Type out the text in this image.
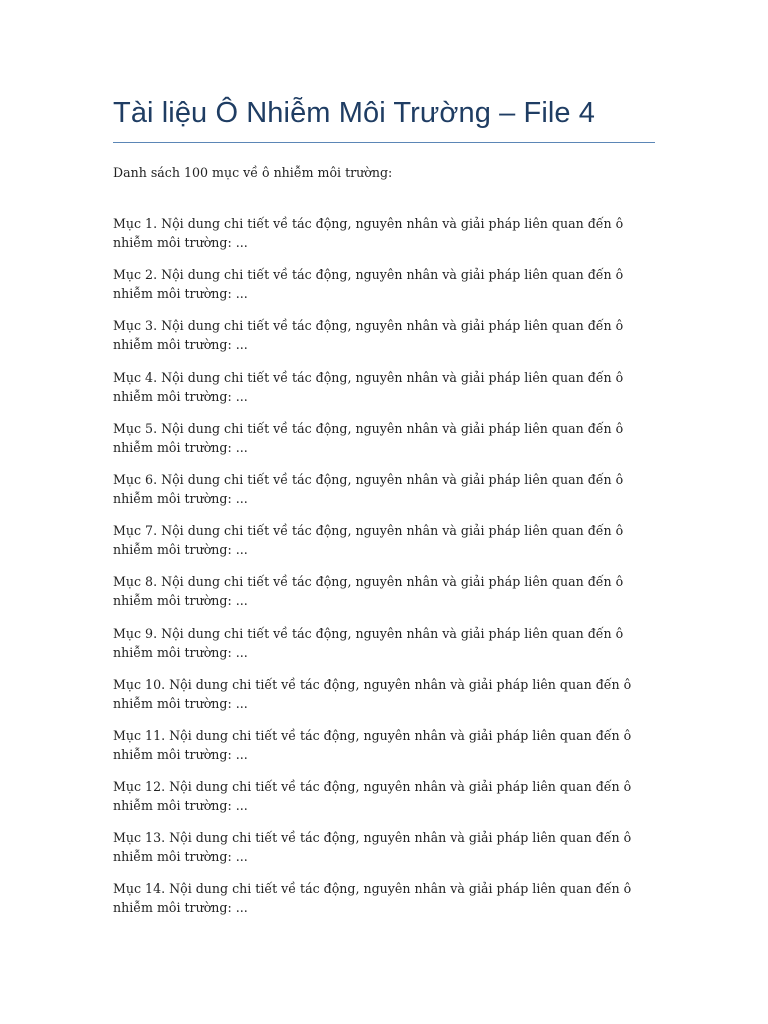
Tài liệu Ô Nhiễm Môi Trường – File 4

Danh sách 100 mục về ô nhiễm môi trường:

Mục 1. Nội dung chi tiết về tác động, nguyên nhân và giải pháp liên quan đến ô nhiễm môi trường: ...
Mục 2. Nội dung chi tiết về tác động, nguyên nhân và giải pháp liên quan đến ô nhiễm môi trường: ...
Mục 3. Nội dung chi tiết về tác động, nguyên nhân và giải pháp liên quan đến ô nhiễm môi trường: ...
Mục 4. Nội dung chi tiết về tác động, nguyên nhân và giải pháp liên quan đến ô nhiễm môi trường: ...
Mục 5. Nội dung chi tiết về tác động, nguyên nhân và giải pháp liên quan đến ô nhiễm môi trường: ...
Mục 6. Nội dung chi tiết về tác động, nguyên nhân và giải pháp liên quan đến ô nhiễm môi trường: ...
Mục 7. Nội dung chi tiết về tác động, nguyên nhân và giải pháp liên quan đến ô nhiễm môi trường: ...
Mục 8. Nội dung chi tiết về tác động, nguyên nhân và giải pháp liên quan đến ô nhiễm môi trường: ...
Mục 9. Nội dung chi tiết về tác động, nguyên nhân và giải pháp liên quan đến ô nhiễm môi trường: ...
Mục 10. Nội dung chi tiết về tác động, nguyên nhân và giải pháp liên quan đến ô nhiễm môi trường: ...
Mục 11. Nội dung chi tiết về tác động, nguyên nhân và giải pháp liên quan đến ô nhiễm môi trường: ...
Mục 12. Nội dung chi tiết về tác động, nguyên nhân và giải pháp liên quan đến ô nhiễm môi trường: ...
Mục 13. Nội dung chi tiết về tác động, nguyên nhân và giải pháp liên quan đến ô nhiễm môi trường: ...
Mục 14. Nội dung chi tiết về tác động, nguyên nhân và giải pháp liên quan đến ô nhiễm môi trường: ...
